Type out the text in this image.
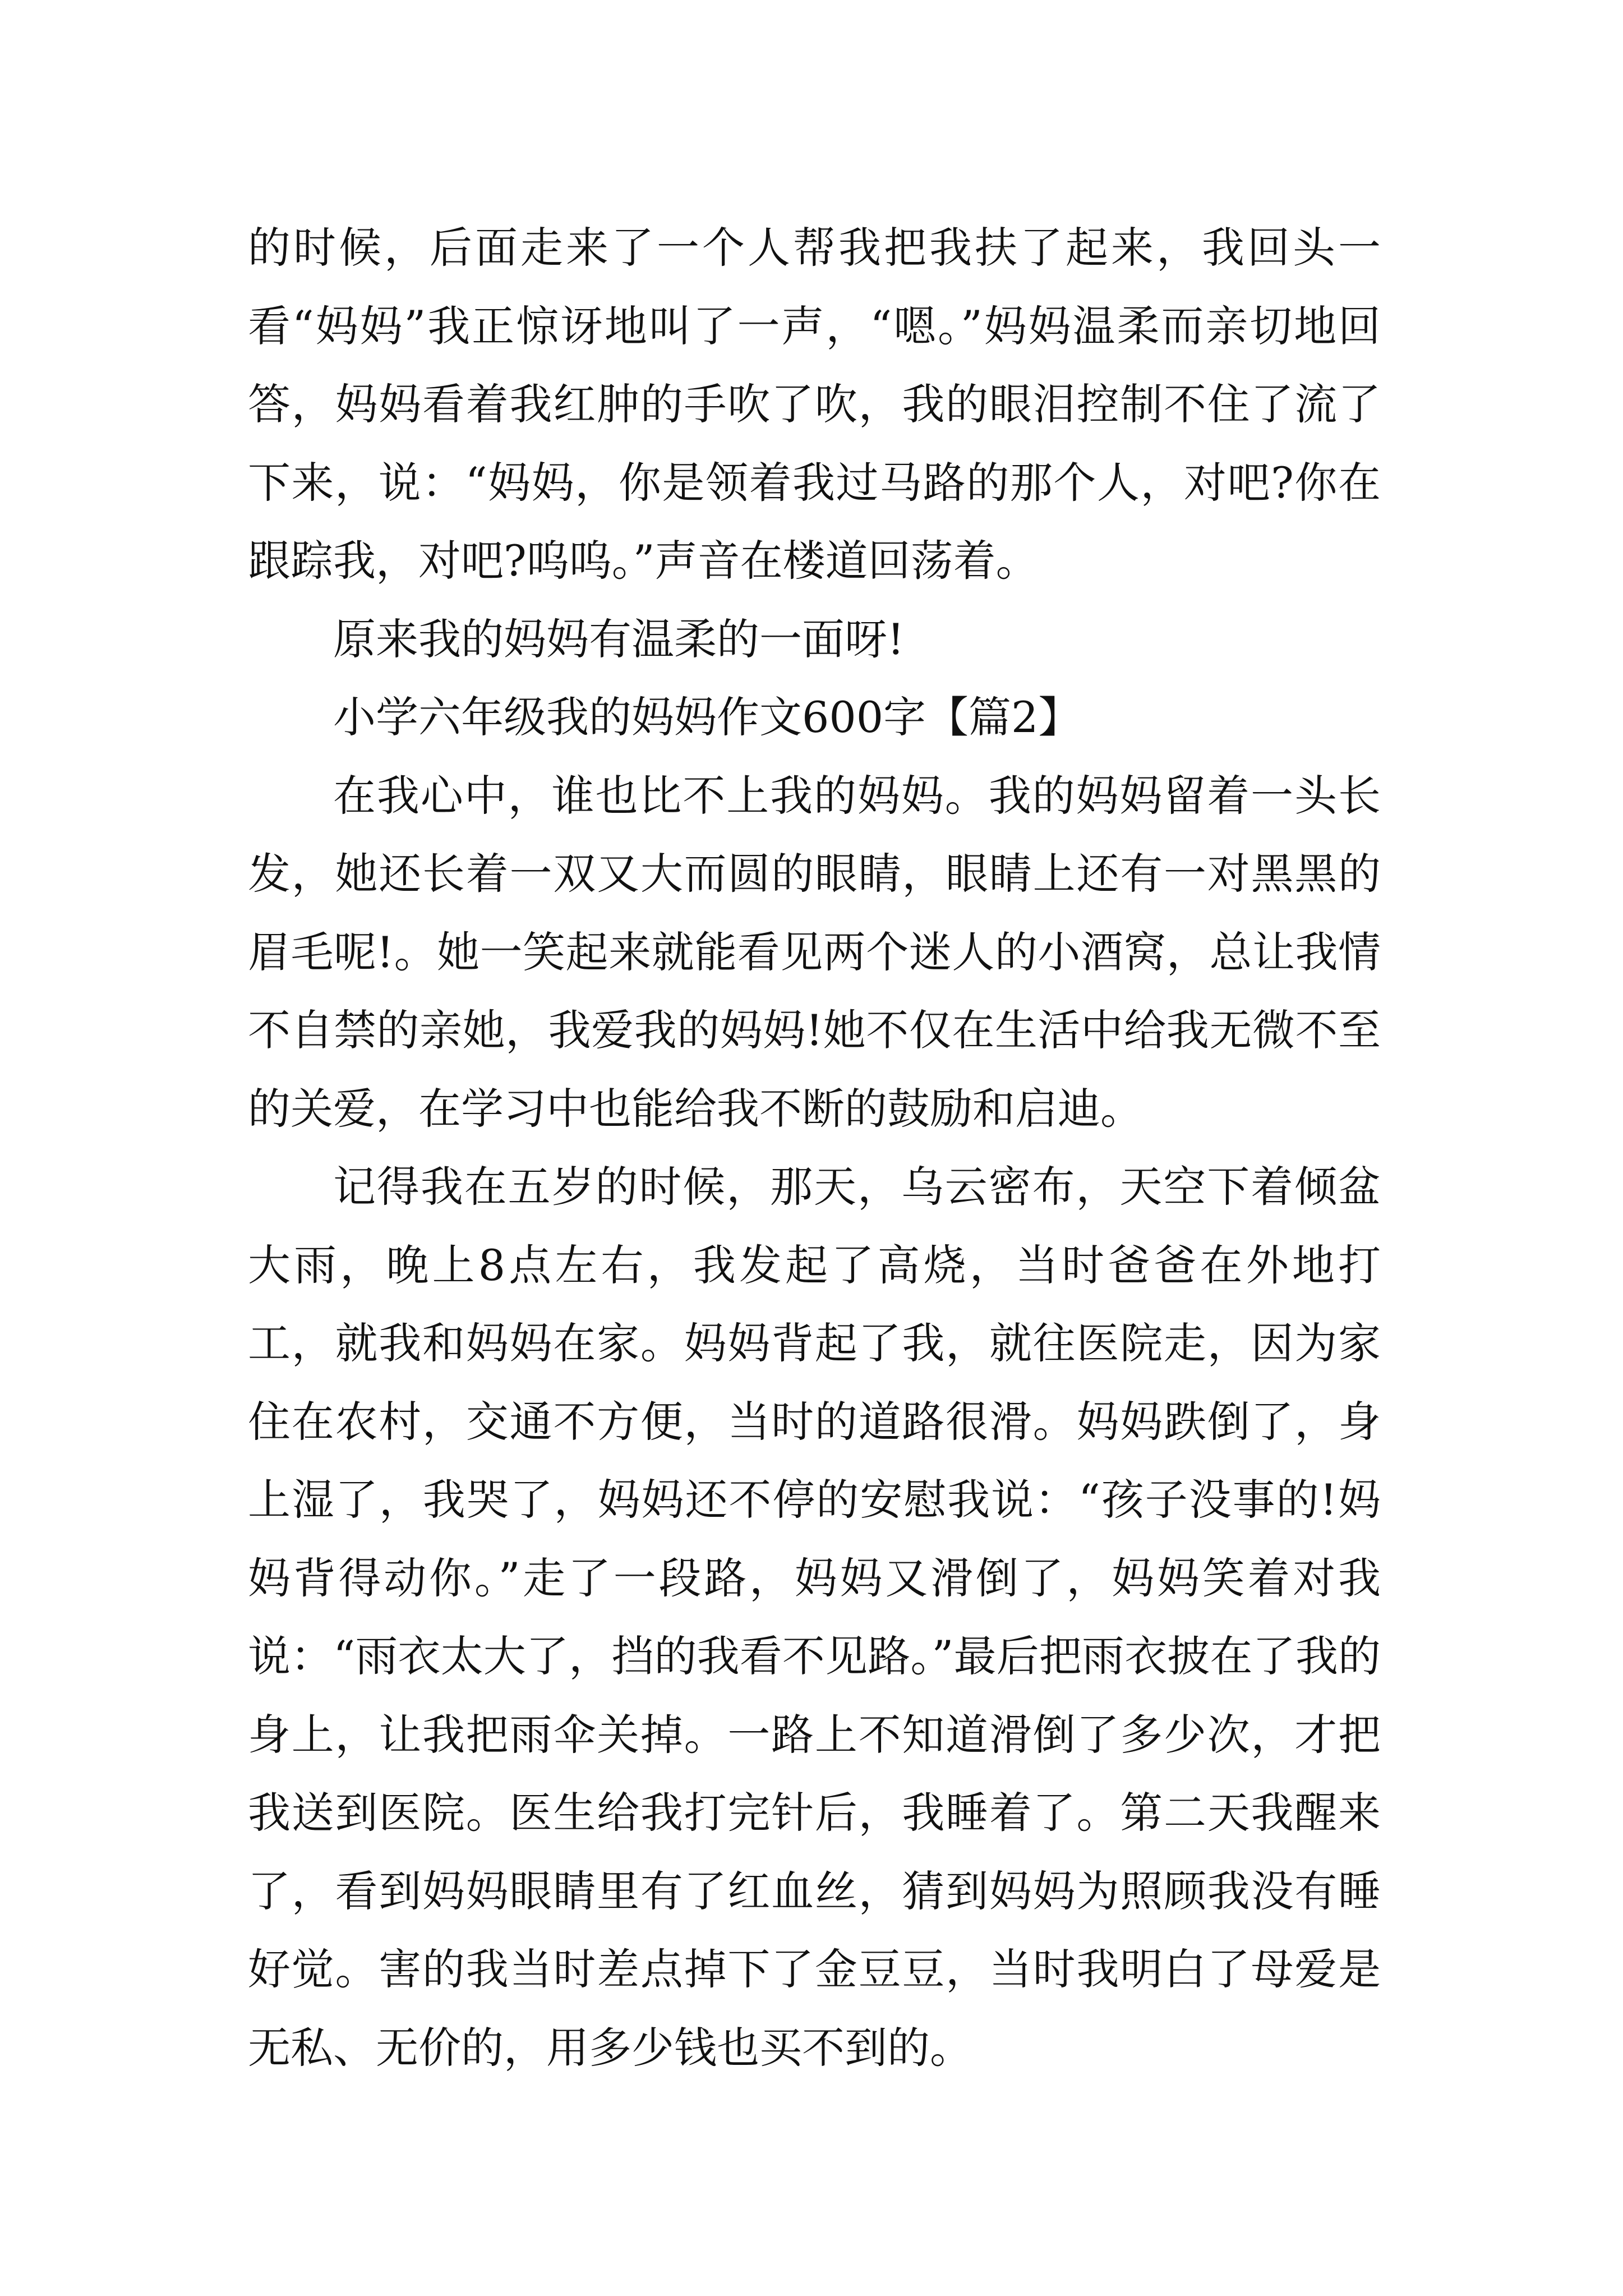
的时候，后面走来了一个人帮我把我扶了起来，我回头一看“妈妈”我正惊讶地叫了一声，“嗯。”妈妈温柔而亲切地回答，妈妈看着我红肿的手吹了吹，我的眼泪控制不住了流了下来，说：“妈妈，你是领着我过马路的那个人，对吧?你在跟踪我，对吧?呜呜。”声音在楼道回荡着。

原来我的妈妈有温柔的一面呀!

小学六年级我的妈妈作文600字【篇2】

在我心中，谁也比不上我的妈妈。我的妈妈留着一头长发，她还长着一双又大而圆的眼睛，眼睛上还有一对黑黑的眉毛呢!。她一笑起来就能看见两个迷人的小酒窝，总让我情不自禁的亲她，我爱我的妈妈!她不仅在生活中给我无微不至的关爱，在学习中也能给我不断的鼓励和启迪。

记得我在五岁的时候，那天，乌云密布，天空下着倾盆大雨，晚上8点左右，我发起了高烧，当时爸爸在外地打工，就我和妈妈在家。妈妈背起了我，就往医院走，因为家住在农村，交通不方便，当时的道路很滑。妈妈跌倒了，身上湿了，我哭了，妈妈还不停的安慰我说：“孩子没事的!妈妈背得动你。”走了一段路，妈妈又滑倒了，妈妈笑着对我说：“雨衣太大了，挡的我看不见路。”最后把雨衣披在了我的身上，让我把雨伞关掉。一路上不知道滑倒了多少次，才把我送到医院。医生给我打完针后，我睡着了。第二天我醒来了，看到妈妈眼睛里有了红血丝，猜到妈妈为照顾我没有睡好觉。害的我当时差点掉下了金豆豆，当时我明白了母爱是无私、无价的，用多少钱也买不到的。
